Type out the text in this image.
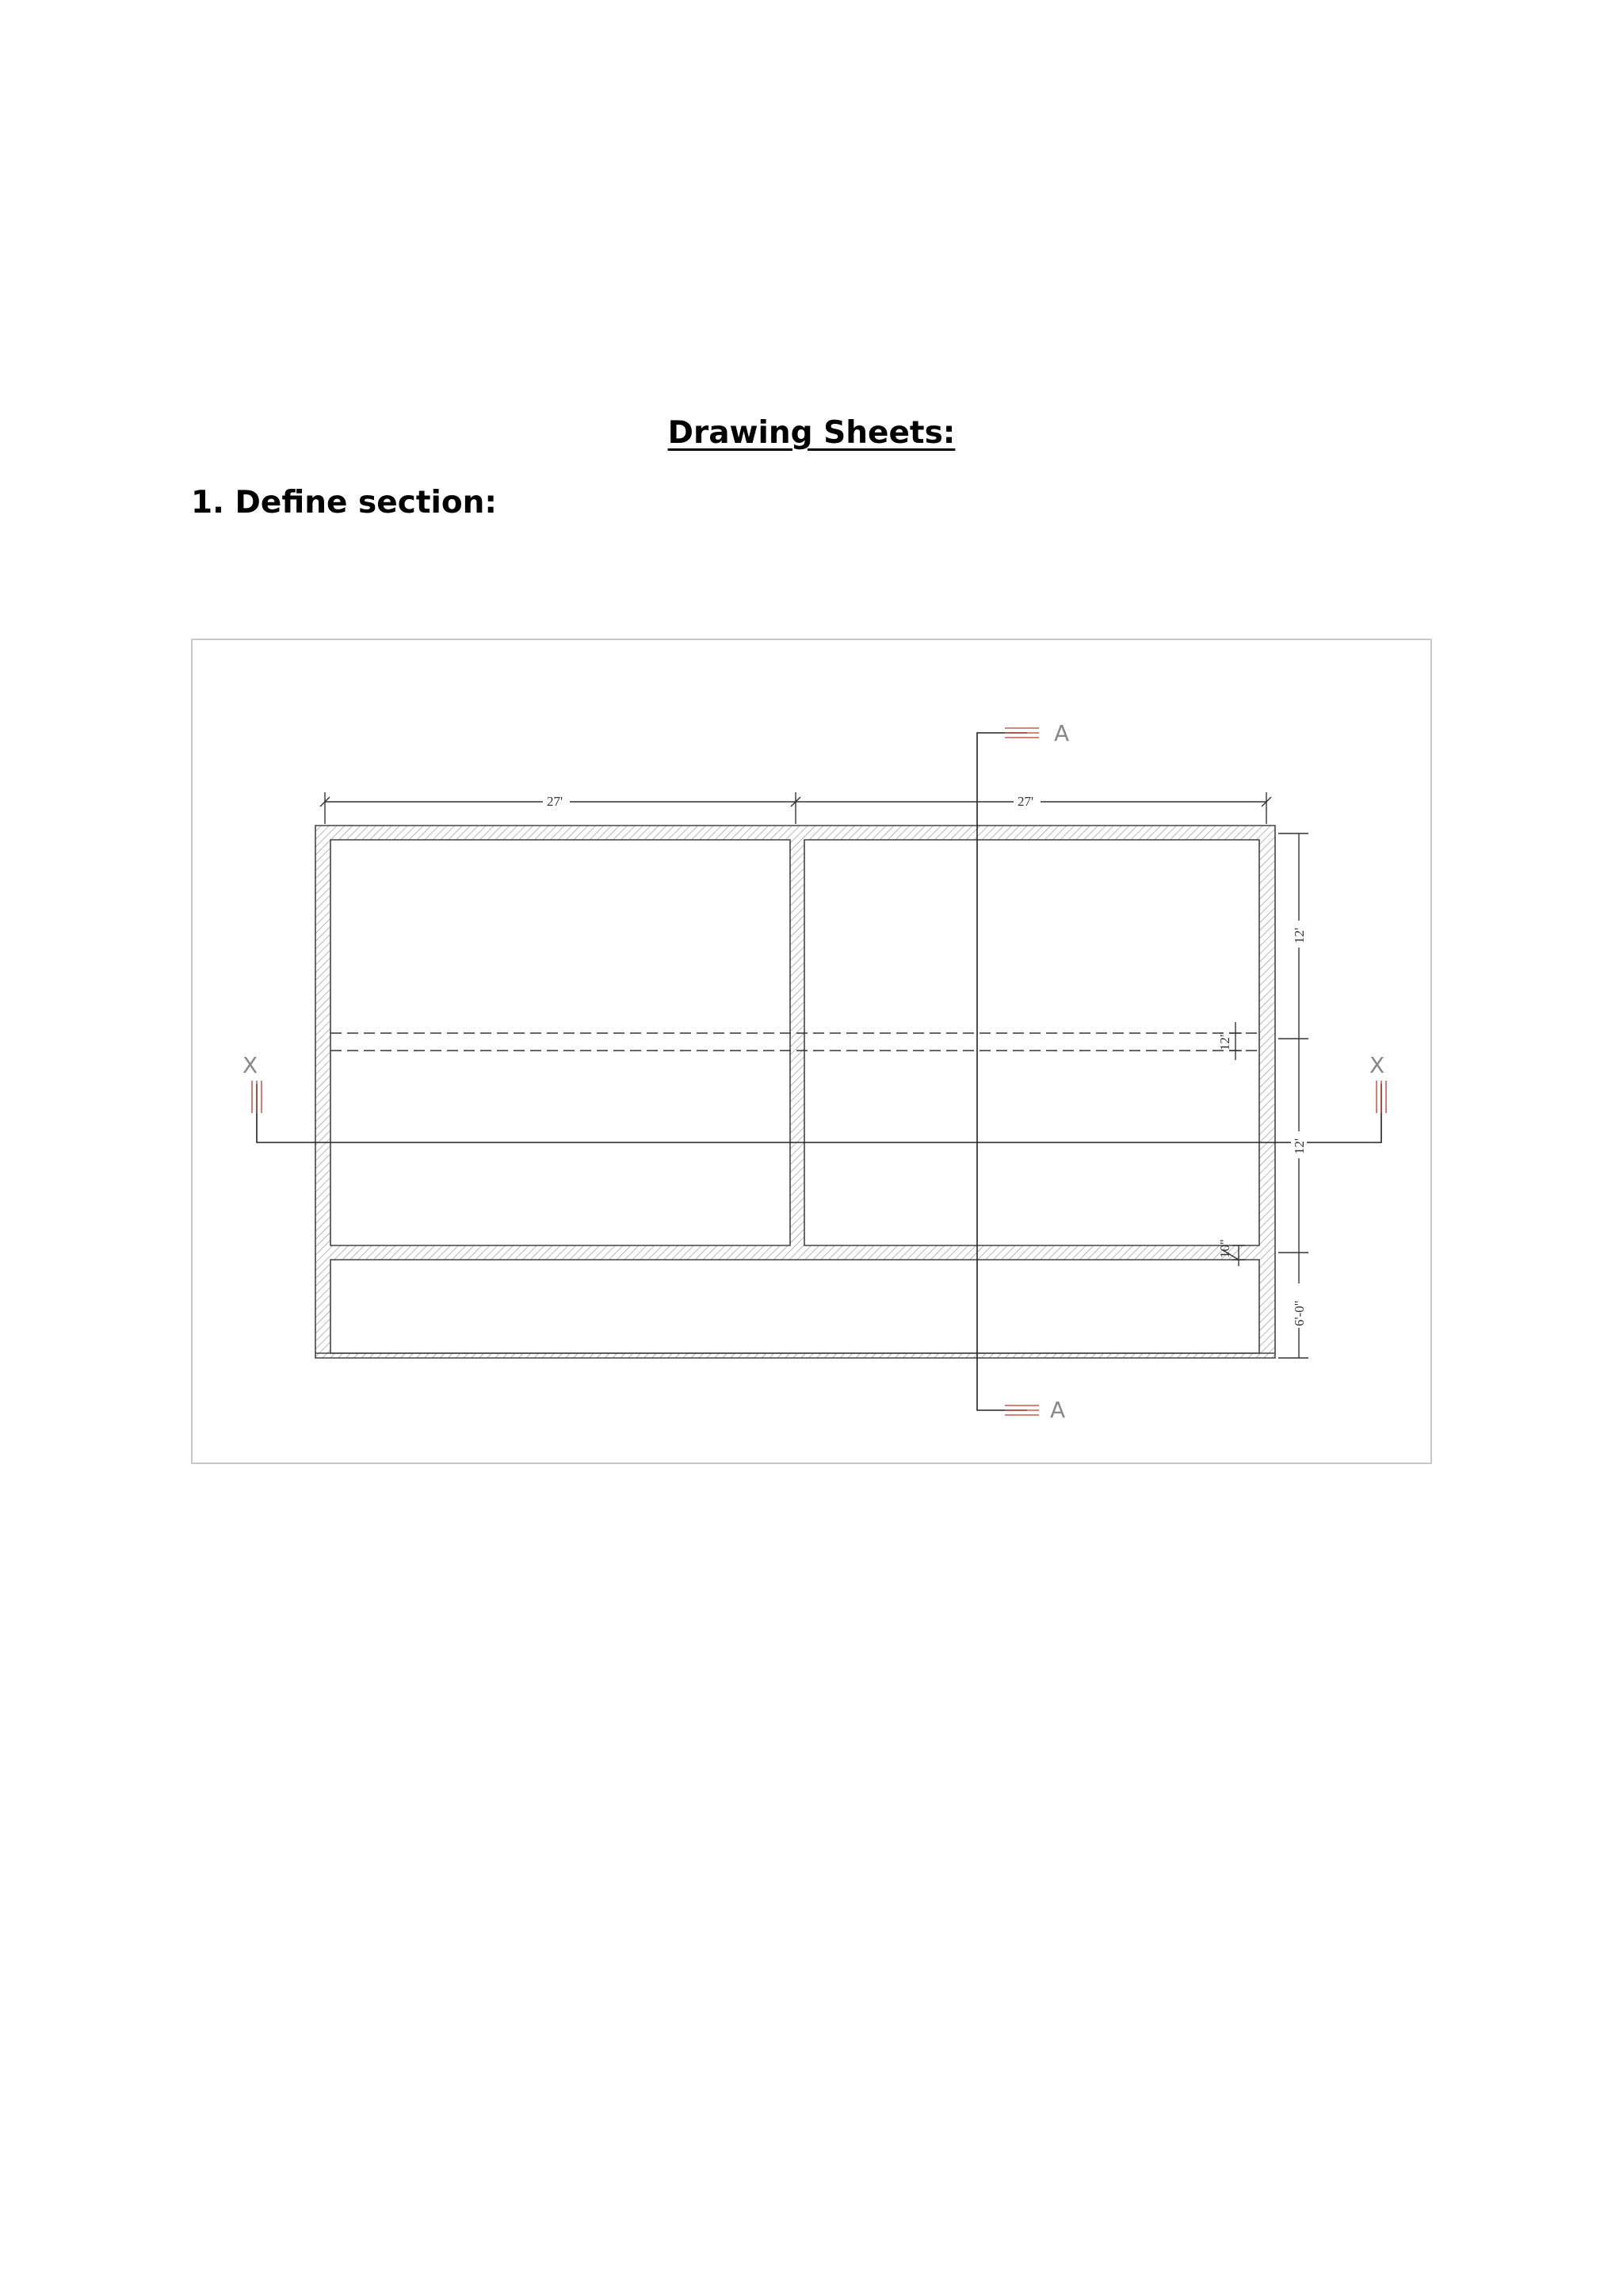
Drawing Sheets:
1. Define section:
A
A
X	X
27'	27'
12'
12'
6'-0"
12"
10"
